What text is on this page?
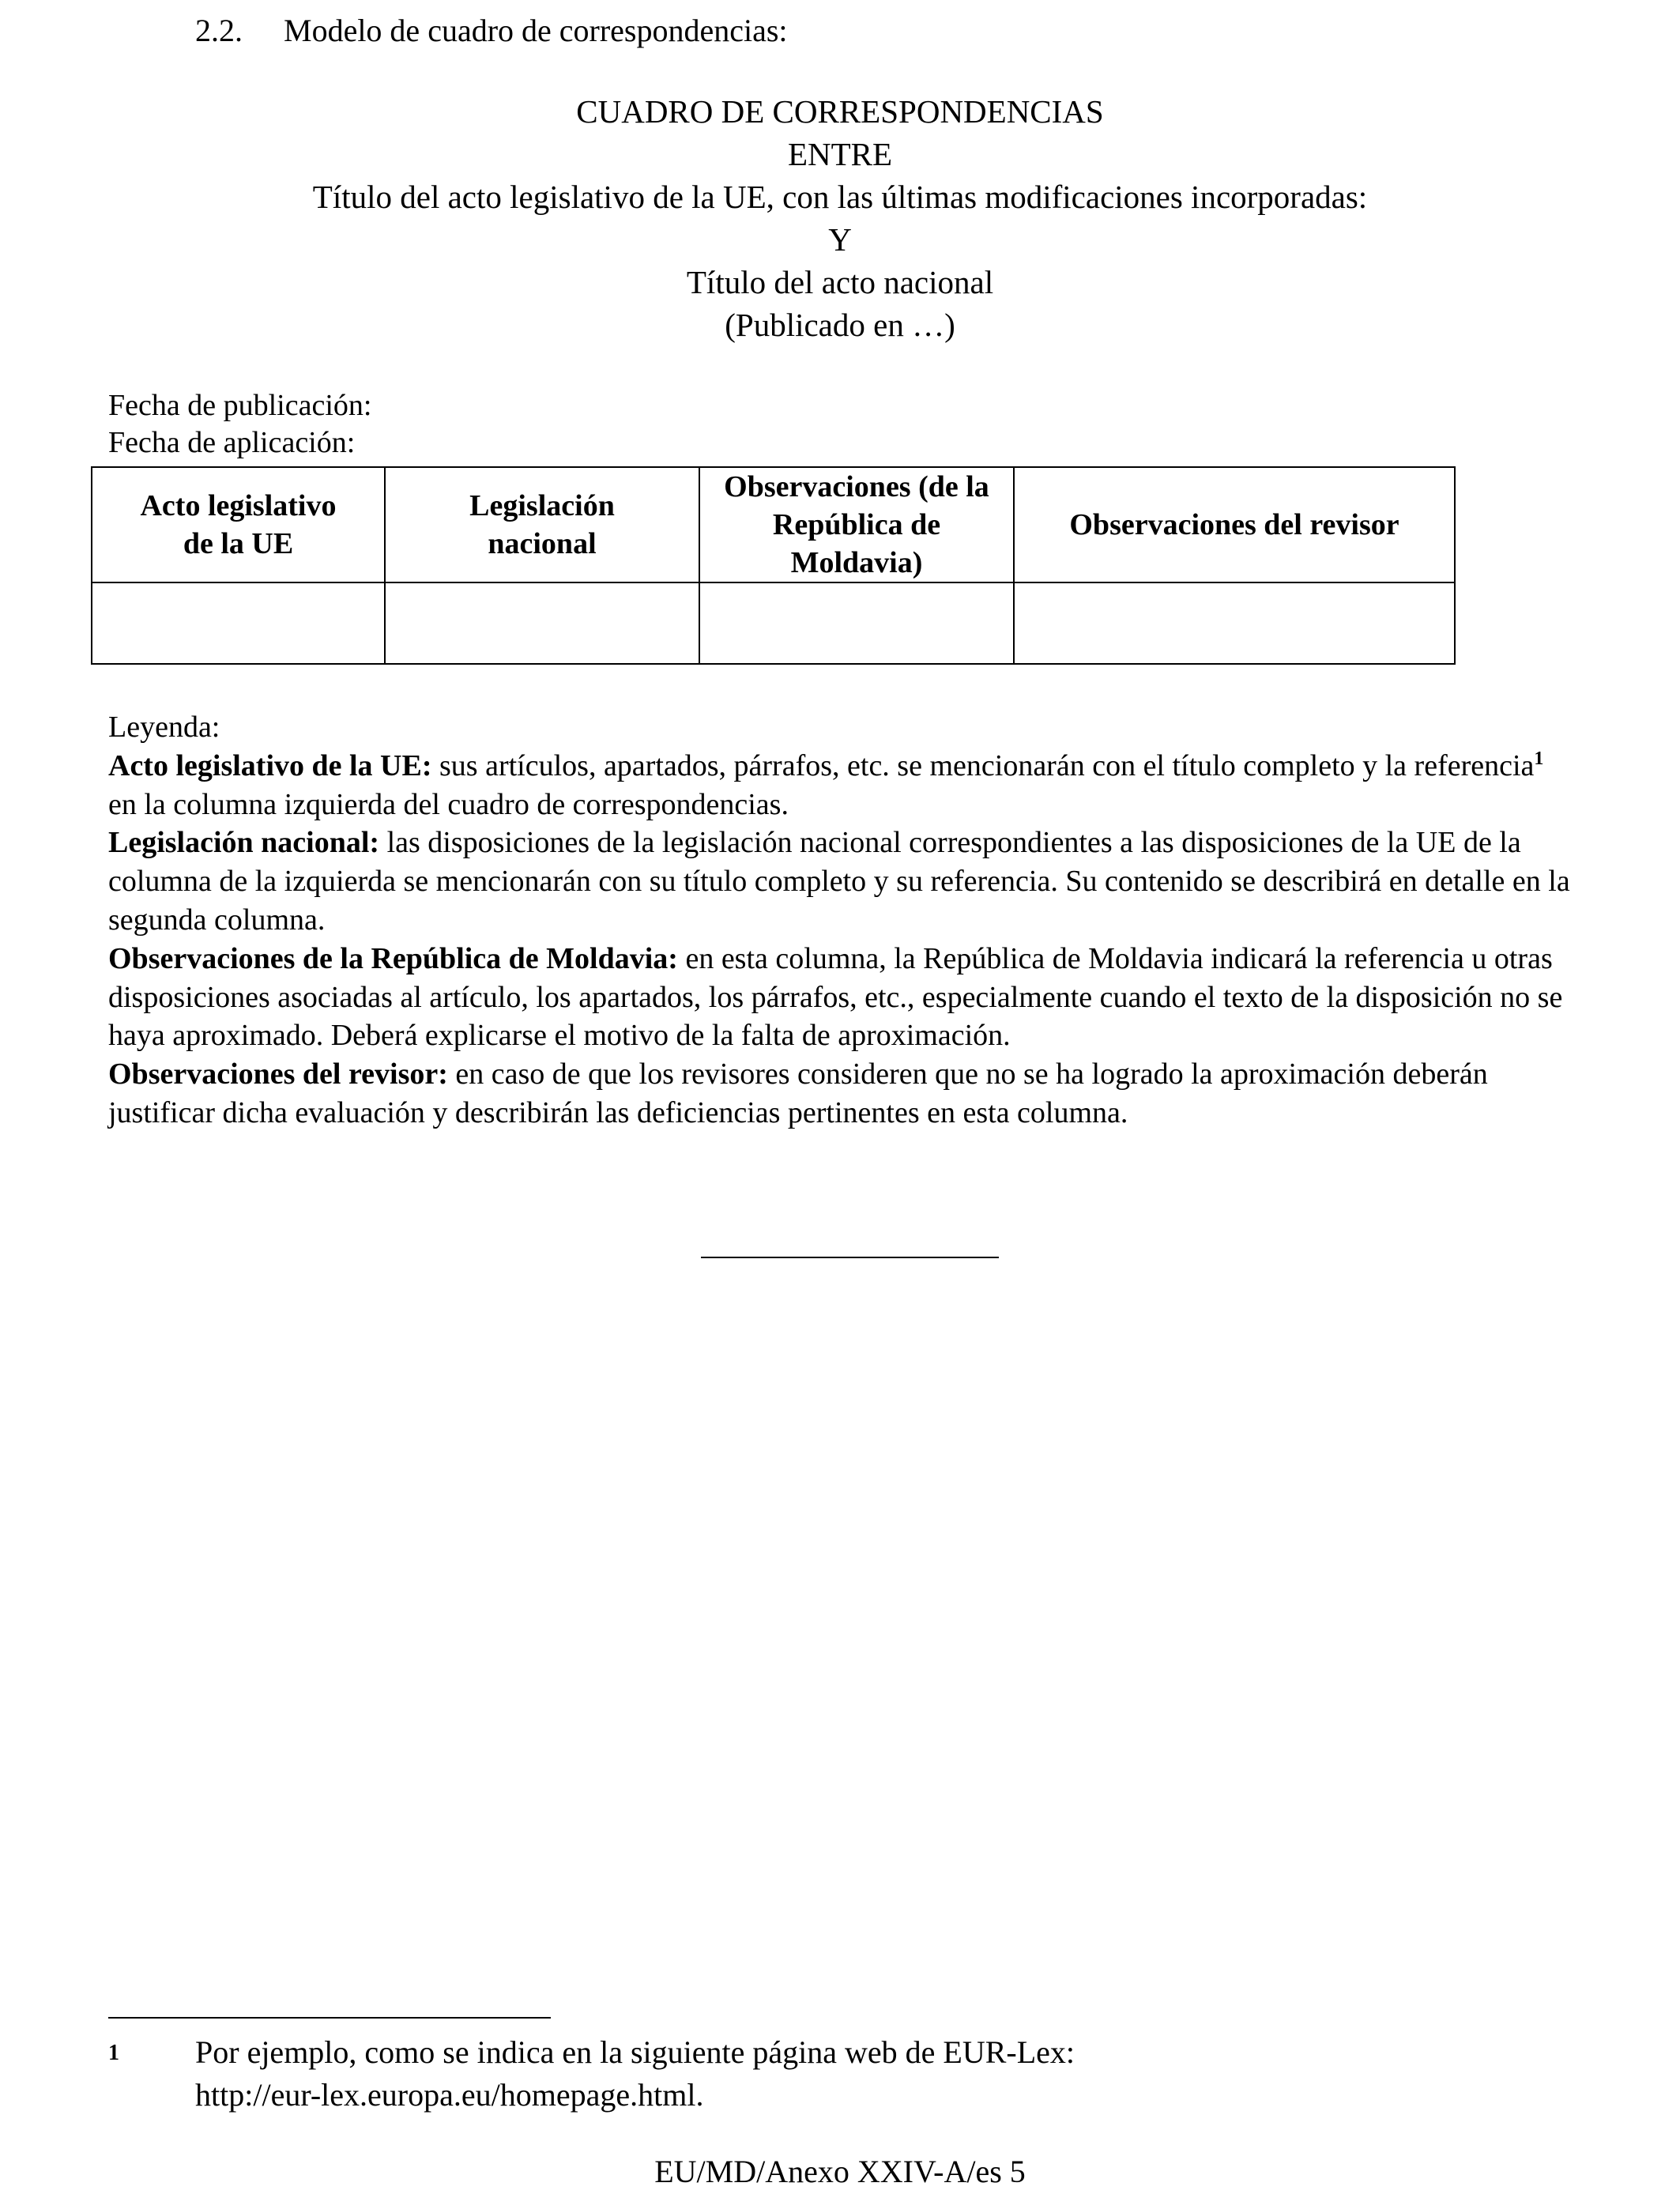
2.2. Modelo de cuadro de correspondencias:
CUADRO DE CORRESPONDENCIAS
ENTRE
Título del acto legislativo de la UE, con las últimas modificaciones incorporadas:
Y
Título del acto nacional
(Publicado en …)
Fecha de publicación:
Fecha de aplicación:
Acto legislativo de la UE	Legislación nacional	Observaciones (de la República de Moldavia)	Observaciones del revisor

Leyenda:

Acto legislativo de la UE: sus artículos, apartados, párrafos, etc. se mencionarán con el título completo y la referencia$^1$ en la columna izquierda del cuadro de correspondencias.

Legislación nacional: las disposiciones de la legislación nacional correspondientes a las disposiciones de la UE de la columna de la izquierda se mencionarán con su título completo y su referencia. Su contenido se describirá en detalle en la segunda columna.

Observaciones de la República de Moldavia: en esta columna, la República de Moldavia indicará la referencia u otras disposiciones asociadas al artículo, los apartados, los párrafos, etc., especialmente cuando el texto de la disposición no se haya aproximado. Deberá explicarse el motivo de la falta de aproximación.

Observaciones del revisor: en caso de que los revisores consideren que no se ha logrado la aproximación deberán justificar dicha evaluación y describirán las deficiencias pertinentes en esta columna.

1 Por ejemplo, como se indica en la siguiente página web de EUR-Lex:
http://eur-lex.europa.eu/homepage.html.
EU/MD/Anexo XXIV-A/es 5
